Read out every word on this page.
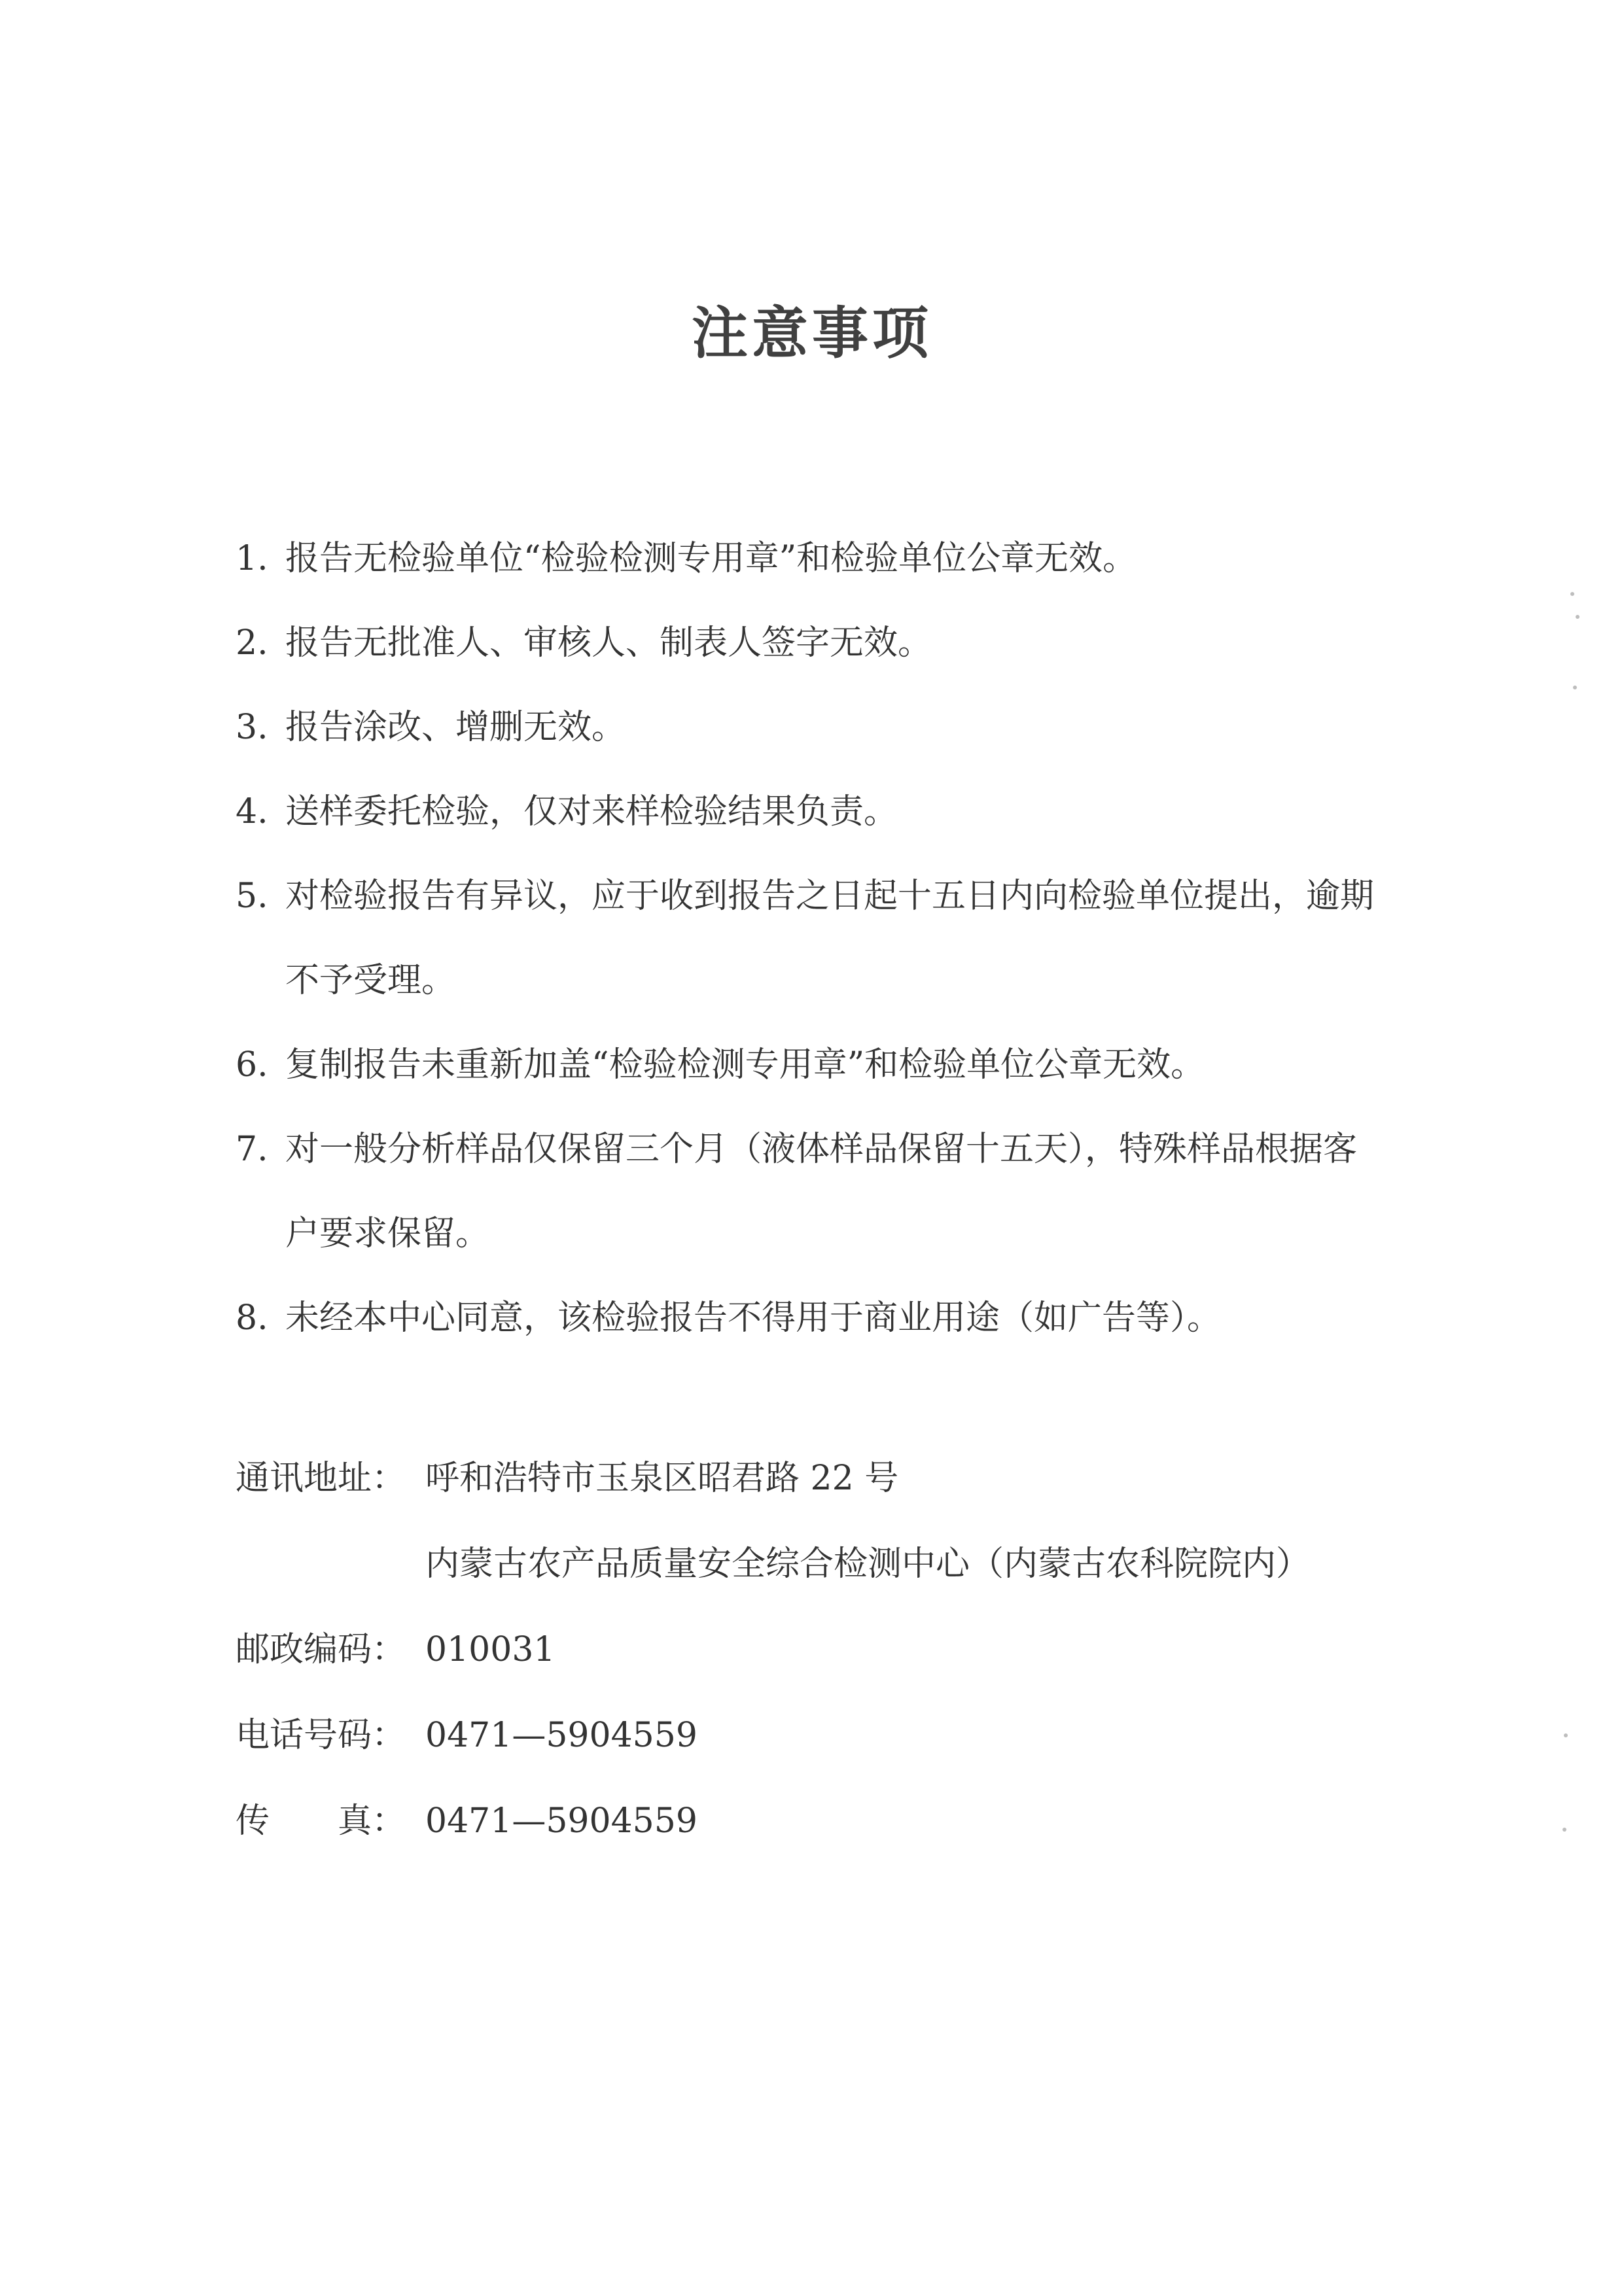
注意事项
1. 报告无检验单位“检验检测专用章”和检验单位公章无效。
2. 报告无批准人、审核人、制表人签字无效。
3. 报告涂改、增删无效。
4. 送样委托检验，仅对来样检验结果负责。
5. 对检验报告有异议，应于收到报告之日起十五日内向检验单位提出，逾期不予受理。
6. 复制报告未重新加盖“检验检测专用章”和检验单位公章无效。
7. 对一般分析样品仅保留三个月（液体样品保留十五天），特殊样品根据客户要求保留。
8. 未经本中心同意，该检验报告不得用于商业用途（如广告等）。
通讯地址： 呼和浩特市玉泉区昭君路 22 号
内蒙古农产品质量安全综合检测中心（内蒙古农科院院内）
邮政编码： 010031
电话号码： 0471—5904559
传　　真： 0471—5904559
